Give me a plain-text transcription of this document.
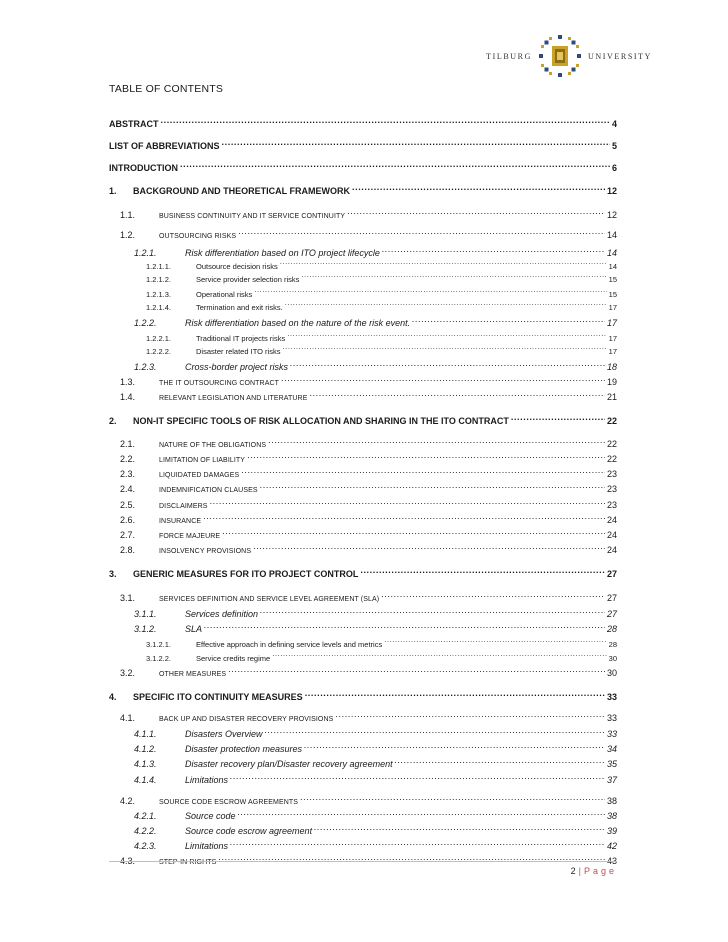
TILBURG	UNIVERSITY
TABLE OF CONTENTS
ABSTRACT .....	4
LIST OF ABBREVIATIONS .....	5
INTRODUCTION .....	6
1.	BACKGROUND AND THEORETICAL FRAMEWORK .....	12
1.1.	BUSINESS CONTINUITY AND IT SERVICE CONTINUITY .....	12
1.2.	OUTSOURCING RISKS .....	14
1.2.1.	Risk differentiation based on ITO project lifecycle .....	14
1.2.1.1.	Outsource decision risks .....	14
1.2.1.2.	Service provider selection risks .....	15
1.2.1.3.	Operational risks .....	15
1.2.1.4.	Termination and exit risks. .....	17
1.2.2.	Risk differentiation based on the nature of the risk event. .....	17
1.2.2.1.	Traditional IT projects risks .....	17
1.2.2.2.	Disaster related ITO risks .....	17
1.2.3.	Cross-border project risks .....	18
1.3.	THE IT OUTSOURCING CONTRACT .....	19
1.4.	RELEVANT LEGISLATION AND LITERATURE .....	21
2.	NON-IT SPECIFIC TOOLS OF RISK ALLOCATION AND SHARING IN THE ITO CONTRACT .....	22
2.1.	NATURE OF THE OBLIGATIONS .....	22
2.2.	LIMITATION OF LIABILITY .....	22
2.3.	LIQUIDATED DAMAGES .....	23
2.4.	INDEMNIFICATION CLAUSES .....	23
2.5.	DISCLAIMERS .....	23
2.6.	INSURANCE .....	24
2.7.	FORCE MAJEURE .....	24
2.8.	INSOLVENCY PROVISIONS .....	24
3.	GENERIC MEASURES FOR ITO PROJECT CONTROL .....	27
3.1.	SERVICES DEFINITION AND SERVICE LEVEL AGREEMENT (SLA) .....	27
3.1.1.	Services definition .....	27
3.1.2.	SLA .....	28
3.1.2.1.	Effective approach in defining service levels and metrics .....	28
3.1.2.2.	Service credits regime .....	30
3.2.	OTHER MEASURES .....	30
4.	SPECIFIC ITO CONTINUITY MEASURES .....	33
4.1.	BACK UP AND DISASTER RECOVERY PROVISIONS .....	33
4.1.1.	Disasters Overview .....	33
4.1.2.	Disaster protection measures .....	34
4.1.3.	Disaster recovery plan/Disaster recovery agreement .....	35
4.1.4.	Limitations .....	37
4.2.	SOURCE CODE ESCROW AGREEMENTS .....	38
4.2.1.	Source code .....	38
4.2.2.	Source code escrow agreement .....	39
4.2.3.	Limitations .....	42
4.3.	STEP-IN RIGHTS .....	43
2 | Page
